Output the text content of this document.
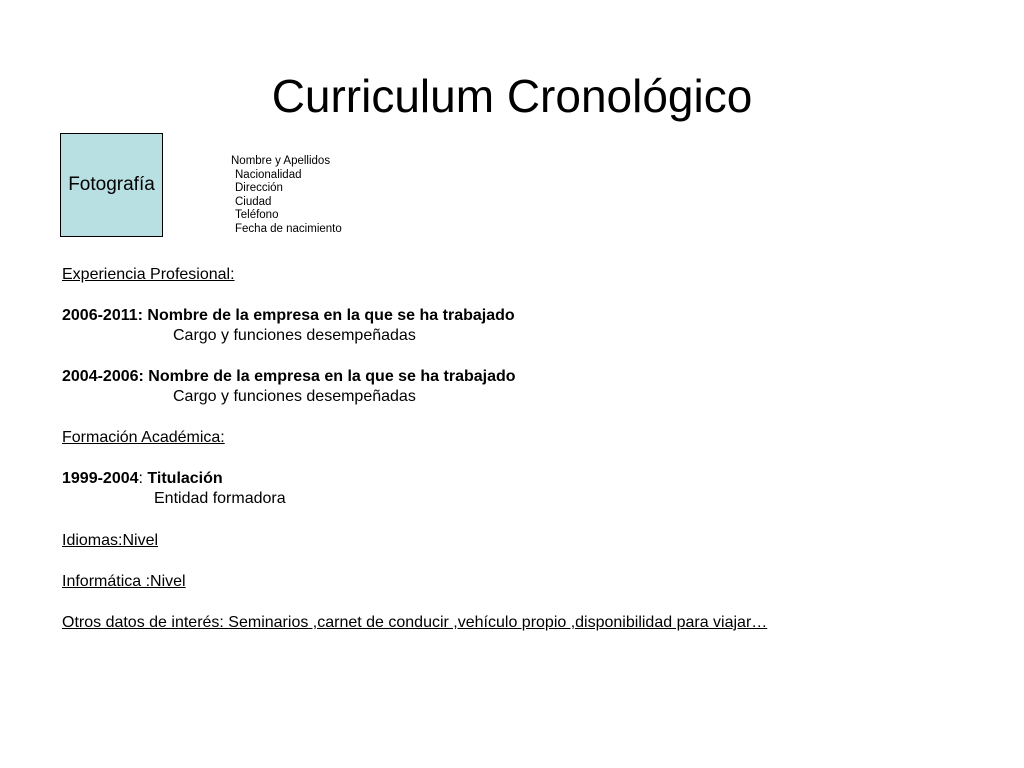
Curriculum Cronológico
Fotografía
Nombre y Apellidos
Nacionalidad
Dirección
Ciudad
Teléfono
Fecha de nacimiento
Experiencia Profesional:
2006-2011: Nombre de la empresa en la que se ha trabajado
Cargo y funciones desempeñadas
2004-2006: Nombre de la empresa en la que se ha trabajado
Cargo y funciones desempeñadas
Formación Académica:
1999-2004: Titulación
Entidad formadora
Idiomas:Nivel
Informática :Nivel
Otros datos de interés: Seminarios ,carnet de conducir ,vehículo propio ,disponibilidad para viajar…
